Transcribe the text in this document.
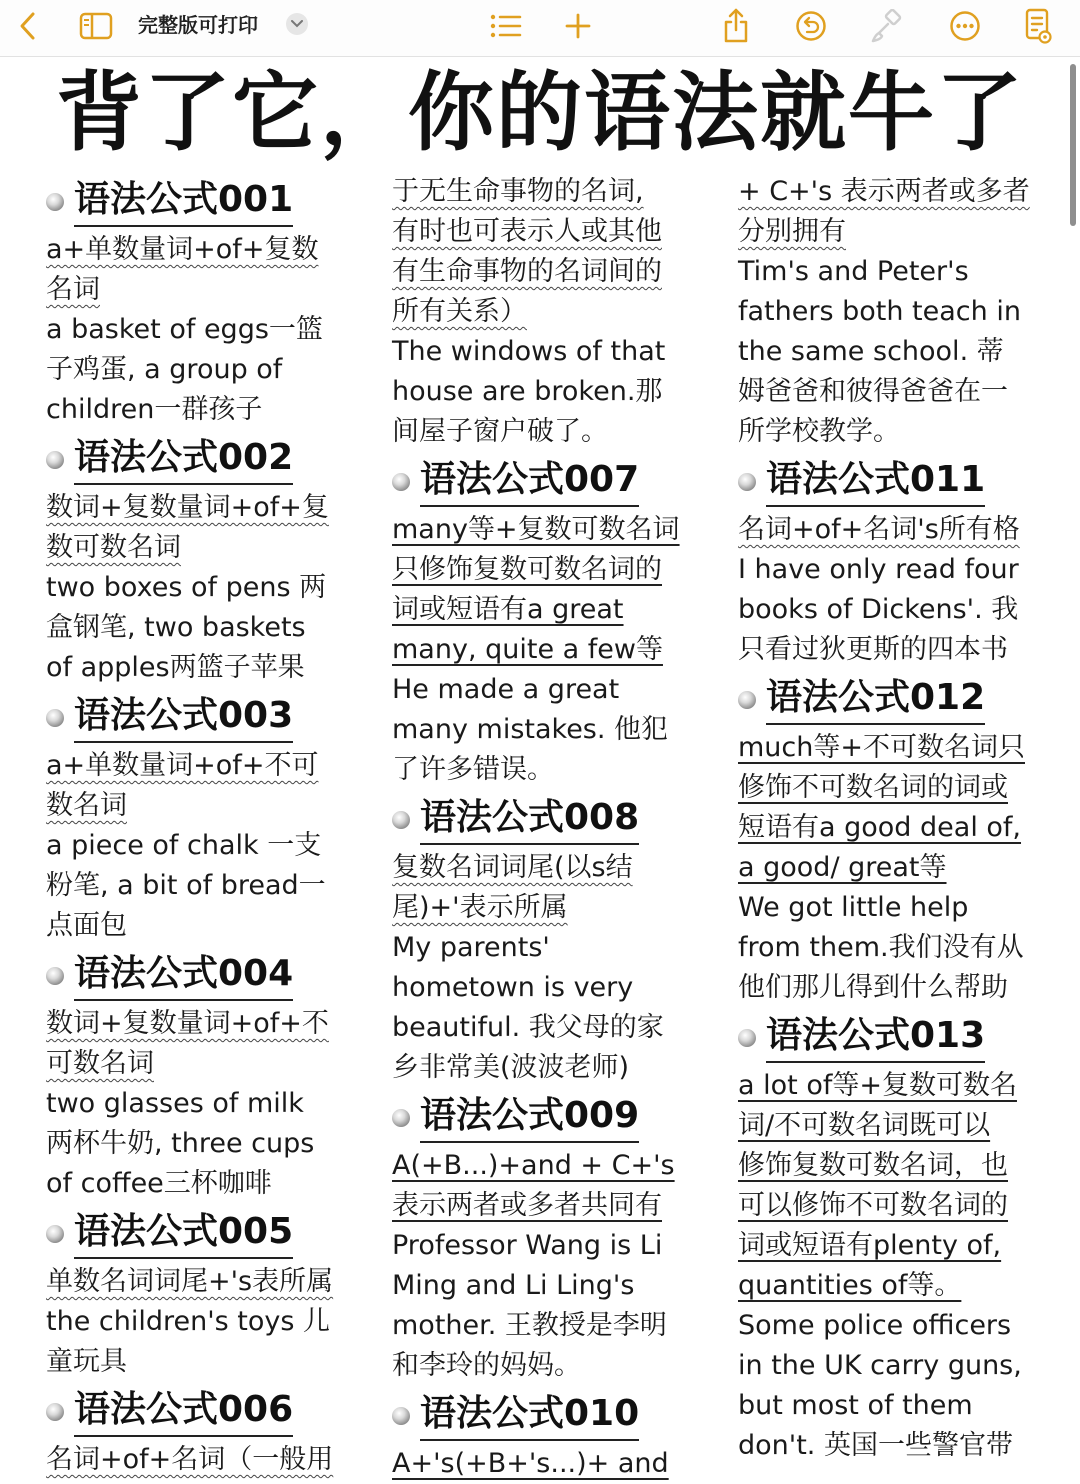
完整版可打印
背了它，你的语法就牛了
语法公式001
a+单数量词+of+复数
名词
a basket of eggs一篮
子鸡蛋, a group of
children一群孩子
语法公式002
数词+复数量词+of+复
数可数名词
two boxes of pens 两
盒钢笔, two baskets
of apples两篮子苹果
语法公式003
a+单数量词+of+不可
数名词
a piece of chalk 一支
粉笔, a bit of bread一
点面包
语法公式004
数词+复数量词+of+不
可数名词
two glasses of milk
两杯牛奶, three cups
of coffee三杯咖啡
语法公式005
单数名词词尾+'s表所属
the children's toys 儿
童玩具
语法公式006
名词+of+名词（一般用
于无生命事物的名词,
有时也可表示人或其他
有生命事物的名词间的
所有关系）
The windows of that
house are broken.那
间屋子窗户破了。
语法公式007
many等+复数可数名词
只修饰复数可数名词的
词或短语有a great
many, quite a few等
He made a great
many mistakes. 他犯
了许多错误。
语法公式008
复数名词词尾(以s结
尾)+'表示所属
My parents'
hometown is very
beautiful. 我父母的家
乡非常美(波波老师)
语法公式009
A(+B...)+and + C+'s
表示两者或多者共同有
Professor Wang is Li
Ming and Li Ling's
mother. 王教授是李明
和李玲的妈妈。
语法公式010
A+'s(+B+'s...)+ and
+ C+'s 表示两者或多者
分别拥有
Tim's and Peter's
fathers both teach in
the same school. 蒂
姆爸爸和彼得爸爸在一
所学校教学。
语法公式011
名词+of+名词's所有格
I have only read four
books of Dickens'. 我
只看过狄更斯的四本书
语法公式012
much等+不可数名词只
修饰不可数名词的词或
短语有a good deal of,
a good/ great等
We got little help
from them.我们没有从
他们那儿得到什么帮助
语法公式013
a lot of等+复数可数名
词/不可数名词既可以
修饰复数可数名词，也
可以修饰不可数名词的
词或短语有plenty of,
quantities of等。
Some police officers
in the UK carry guns,
but most of them
don't. 英国一些警官带
